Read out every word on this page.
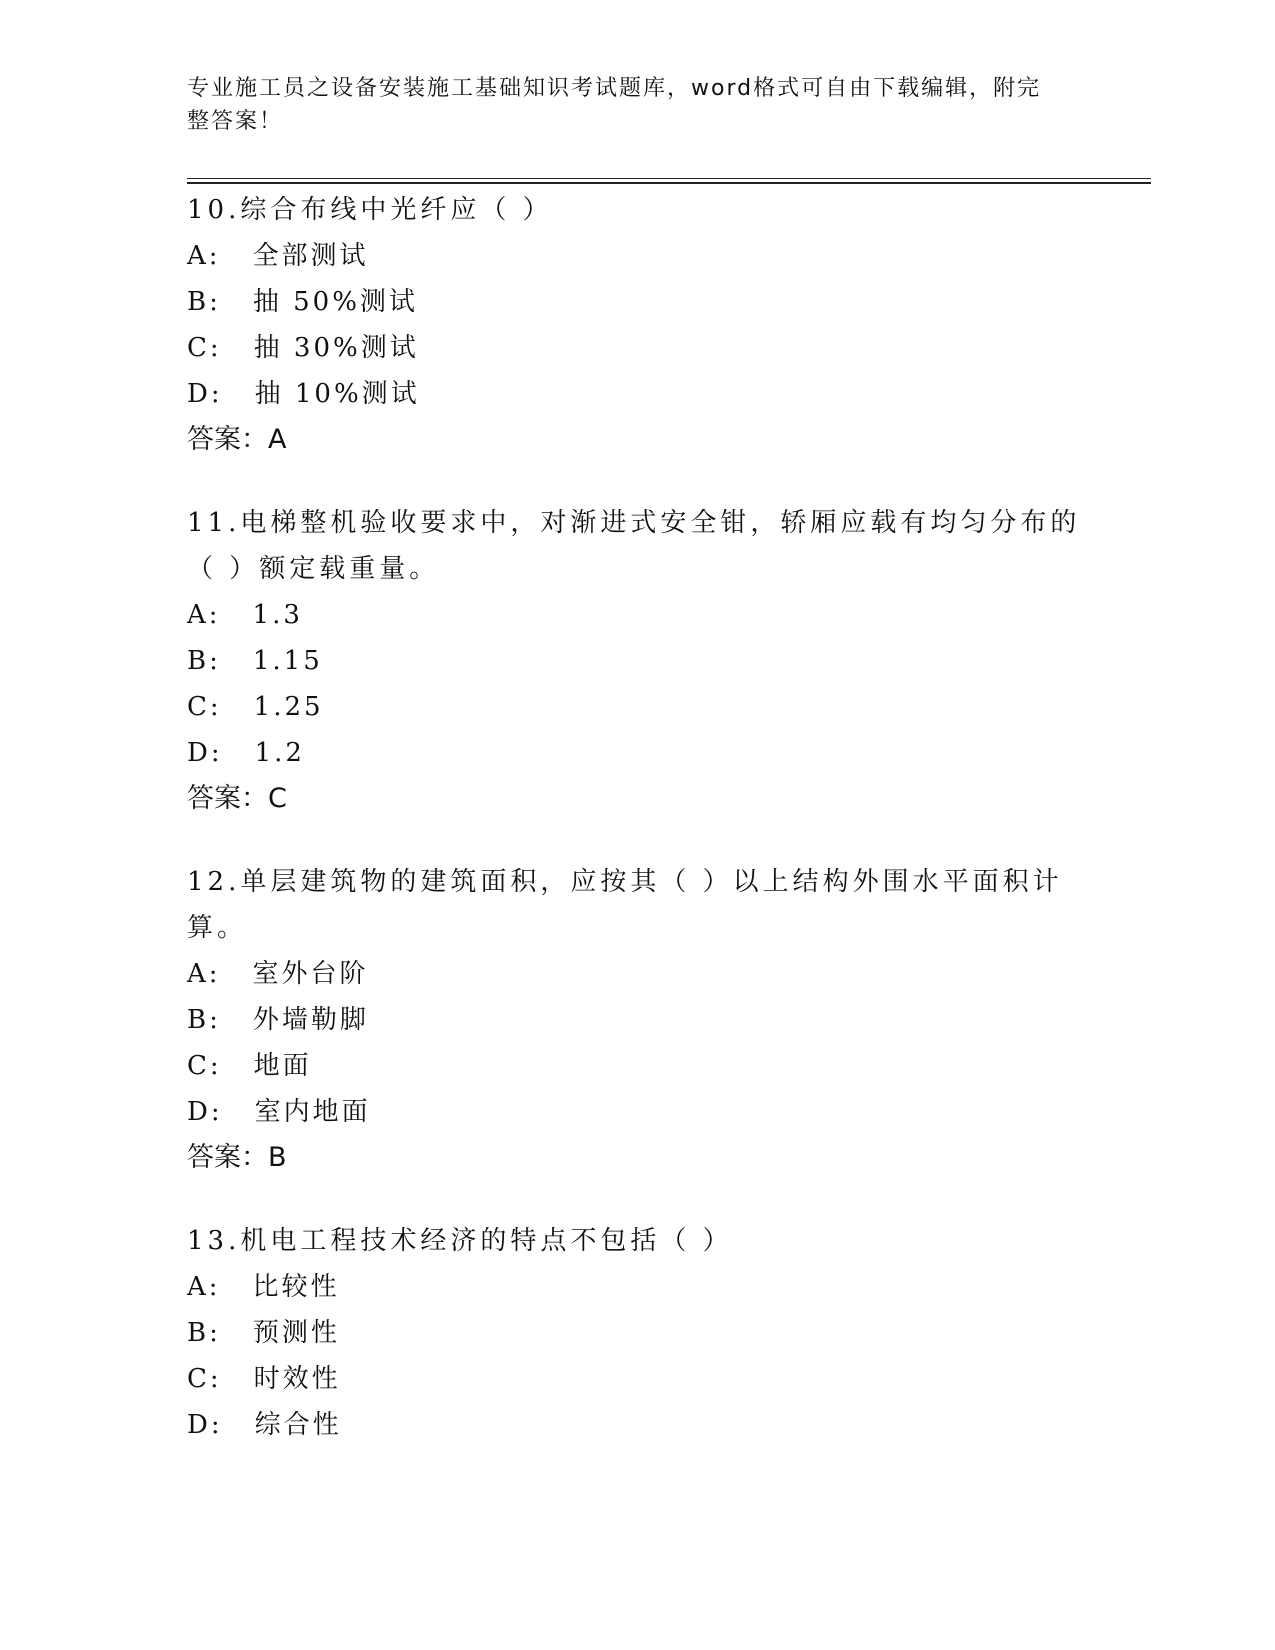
专业施工员之设备安装施工基础知识考试题库，word格式可自由下载编辑，附完
整答案！
10.综合布线中光纤应（ ）
A: 全部测试
B: 抽 50%测试
C: 抽 30%测试
D: 抽 10%测试
答案：A
11.电梯整机验收要求中，对渐进式安全钳，轿厢应载有均匀分布的（ ）额定载重量。
A: 1.3
B: 1.15
C: 1.25
D: 1.2
答案：C
12.单层建筑物的建筑面积，应按其（ ）以上结构外围水平面积计算。
A: 室外台阶
B: 外墙勒脚
C: 地面
D: 室内地面
答案：B
13.机电工程技术经济的特点不包括（ ）
A: 比较性
B: 预测性
C: 时效性
D: 综合性
